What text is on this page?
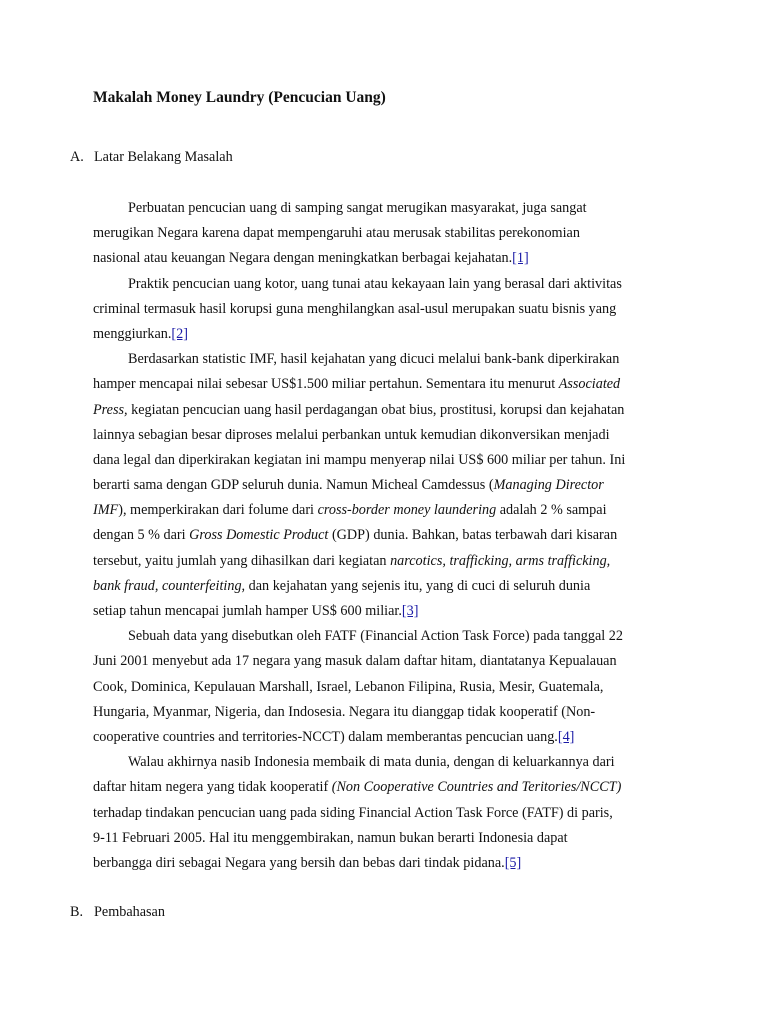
Makalah Money Laundry (Pencucian Uang)
A. Latar Belakang Masalah
Perbuatan pencucian uang di samping sangat merugikan masyarakat, juga sangat
merugikan Negara karena dapat mempengaruhi atau merusak stabilitas perekonomian
nasional atau keuangan Negara dengan meningkatkan berbagai kejahatan.[1]
Praktik pencucian uang kotor, uang tunai atau kekayaan lain yang berasal dari aktivitas
criminal termasuk hasil korupsi guna menghilangkan asal-usul merupakan suatu bisnis yang
menggiurkan.[2]
Berdasarkan statistic IMF, hasil kejahatan yang dicuci melalui bank-bank diperkirakan
hamper mencapai nilai sebesar US$1.500 miliar pertahun. Sementara itu menurut Associated
Press, kegiatan pencucian uang hasil perdagangan obat bius, prostitusi, korupsi dan kejahatan
lainnya sebagian besar diproses melalui perbankan untuk kemudian dikonversikan menjadi
dana legal dan diperkirakan kegiatan ini mampu menyerap nilai US$ 600 miliar per tahun. Ini
berarti sama dengan GDP seluruh dunia. Namun Micheal Camdessus (Managing Director
IMF), memperkirakan dari folume dari cross-border money laundering adalah 2 % sampai
dengan 5 % dari Gross Domestic Product (GDP) dunia. Bahkan, batas terbawah dari kisaran
tersebut, yaitu jumlah yang dihasilkan dari kegiatan narcotics, trafficking, arms trafficking,
bank fraud, counterfeiting, dan kejahatan yang sejenis itu, yang di cuci di seluruh dunia
setiap tahun mencapai jumlah hamper US$ 600 miliar.[3]
Sebuah data yang disebutkan oleh FATF (Financial Action Task Force) pada tanggal 22
Juni 2001 menyebut ada 17 negara yang masuk dalam daftar hitam, diantatanya Kepualauan
Cook, Dominica, Kepulauan Marshall, Israel, Lebanon Filipina, Rusia, Mesir, Guatemala,
Hungaria, Myanmar, Nigeria, dan Indosesia. Negara itu dianggap tidak kooperatif (Non-
cooperative countries and territories-NCCT) dalam memberantas pencucian uang.[4]
Walau akhirnya nasib Indonesia membaik di mata dunia, dengan di keluarkannya dari
daftar hitam negera yang tidak kooperatif (Non Cooperative Countries and Teritories/NCCT)
terhadap tindakan pencucian uang pada siding Financial Action Task Force (FATF) di paris,
9-11 Februari 2005. Hal itu menggembirakan, namun bukan berarti Indonesia dapat
berbangga diri sebagai Negara yang bersih dan bebas dari tindak pidana.[5]
B. Pembahasan
